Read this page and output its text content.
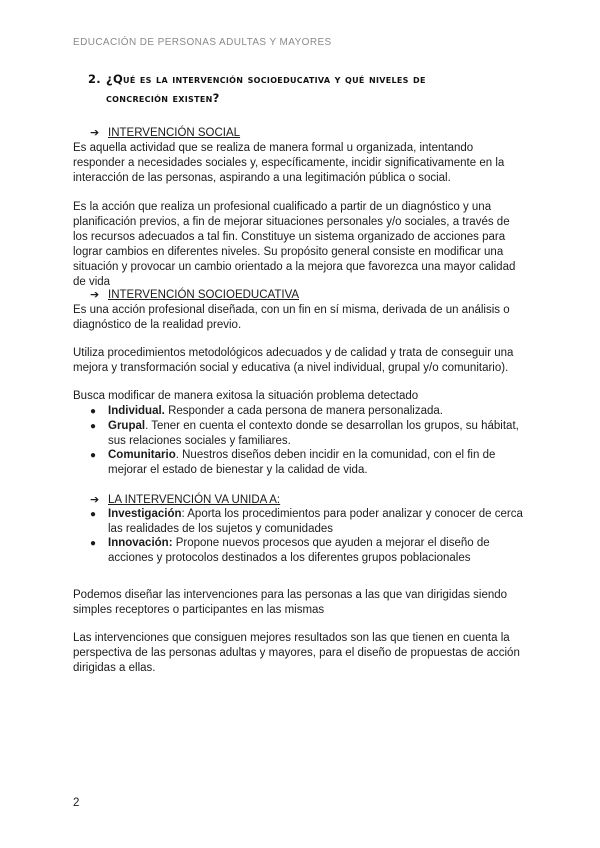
EDUCACIÓN DE PERSONAS ADULTAS Y MAYORES
2. ¿Qué es la intervención socioeducativa y qué niveles de
concreción existen?
➔ INTERVENCIÓN SOCIAL
Es aquella actividad que se realiza de manera formal u organizada, intentando responder a necesidades sociales y, específicamente, incidir significativamente en la interacción de las personas, aspirando a una legitimación pública o social.
Es la acción que realiza un profesional cualificado a partir de un diagnóstico y una planificación previos, a fin de mejorar situaciones personales y/o sociales, a través de los recursos adecuados a tal fin. Constituye un sistema organizado de acciones para lograr cambios en diferentes niveles. Su propósito general consiste en modificar una situación y provocar un cambio orientado a la mejora que favorezca una mayor calidad de vida
➔ INTERVENCIÓN SOCIOEDUCATIVA
Es una acción profesional diseñada, con un fin en sí misma, derivada de un análisis o diagnóstico de la realidad previo.
Utiliza procedimientos metodológicos adecuados y de calidad y trata de conseguir una mejora y transformación social y educativa (a nivel individual, grupal y/o comunitario).
Busca modificar de manera exitosa la situación problema detectado
●	Individual. Responder a cada persona de manera personalizada.
●	Grupal. Tener en cuenta el contexto donde se desarrollan los grupos, su hábitat, sus relaciones sociales y familiares.
●	Comunitario. Nuestros diseños deben incidir en la comunidad, con el fin de mejorar el estado de bienestar y la calidad de vida.
➔ LA INTERVENCIÓN VA UNIDA A:
●	Investigación: Aporta los procedimientos para poder analizar y conocer de cerca las realidades de los sujetos y comunidades
●	Innovación: Propone nuevos procesos que ayuden a mejorar el diseño de acciones y protocolos destinados a los diferentes grupos poblacionales
Podemos diseñar las intervenciones para las personas a las que van dirigidas siendo simples receptores o participantes en las mismas
Las intervenciones que consiguen mejores resultados son las que tienen en cuenta la perspectiva de las personas adultas y mayores, para el diseño de propuestas de acción dirigidas a ellas.
2
